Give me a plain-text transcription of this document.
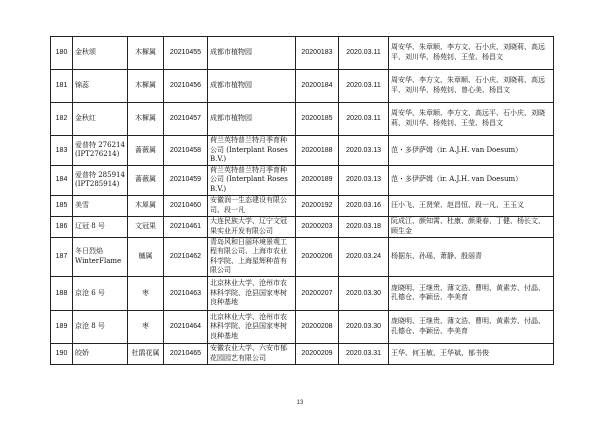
180	金秋颂	木樨属	20210455	成都市植物园	20200183	2020.03.11	周安华、朱章顺、李方文、石小庆、刘晓莉、高远平、刘川华、杨苑钊、王莹、杨昌文
181	锦蕊	木樨属	20210456	成都市植物园	20200184	2020.03.11	周安华、李方文、朱章顺、石小庆、刘晓莉、高远平、刘川华、杨苑钊、曾心美、杨昌文
182	金秋红	木樨属	20210457	成都市植物园	20200185	2020.03.11	周安华、朱章顺、李方文、高远平、石小庆、刘晓莉、刘川华、杨苑钊、王莹、杨昌文
183	爱普特 276214 (IPT276214)	蔷薇属	20210458	荷兰英特普兰特月季育种公司 (Interplant Roses B.V.)	20200188	2020.03.13	范・多伊萨姆（ir. A.J.H. van Doesum）
184	爱普特 285914 (IPT285914)	蔷薇属	20210459	荷兰英特普兰特月季育种公司 (Interplant Roses B.V.)	20200189	2020.03.13	范・多伊萨姆（ir. A.J.H. van Doesum）
185	美雪	木犀属	20210460	安徽润一生态建设有限公司、段一凡	20200192	2020.03.16	汪小飞、王贤荣、赵昌恒、段一凡、王玉义
186	辽冠 8 号	文冠果	20210461	大连民族大学、辽宁文冠果实业开发有限公司	20200203	2020.03.18	阮成江、颜知霄、杜康、颜秉春、丁健、杨长文、顾生金
187	冬日烈焰 WinterFlame	槭属	20210462	青岛风和日丽环境景观工程有限公司、上海市农业科学院、上海星辉种苗有限公司	20200206	2020.03.24	杨据东、孙瑶、萧静、殷丽青
188	京沧 6 号	枣	20210463	北京林业大学、沧州市农林科学院、沧县国家枣树良种基地	20200207	2020.03.30	庞晓明、王继贵、薄文浩、曹明、黄素芳、付晶、孔德仓、李颖岳、李美育
189	京沧 8 号	枣	20210464	北京林业大学、沧州市农林科学院、沧县国家枣树良种基地	20200208	2020.03.30	庞晓明、王继贵、薄文浩、曹明、黄素芳、付晶、孔德仓、李颖岳、李美育
190	皎娇	杜鹃花属	20210465	安徽农业大学、六安市郁花园园艺有限公司	20200209	2020.03.31	王华、何玉敏、王华斌、郁书俊
13
